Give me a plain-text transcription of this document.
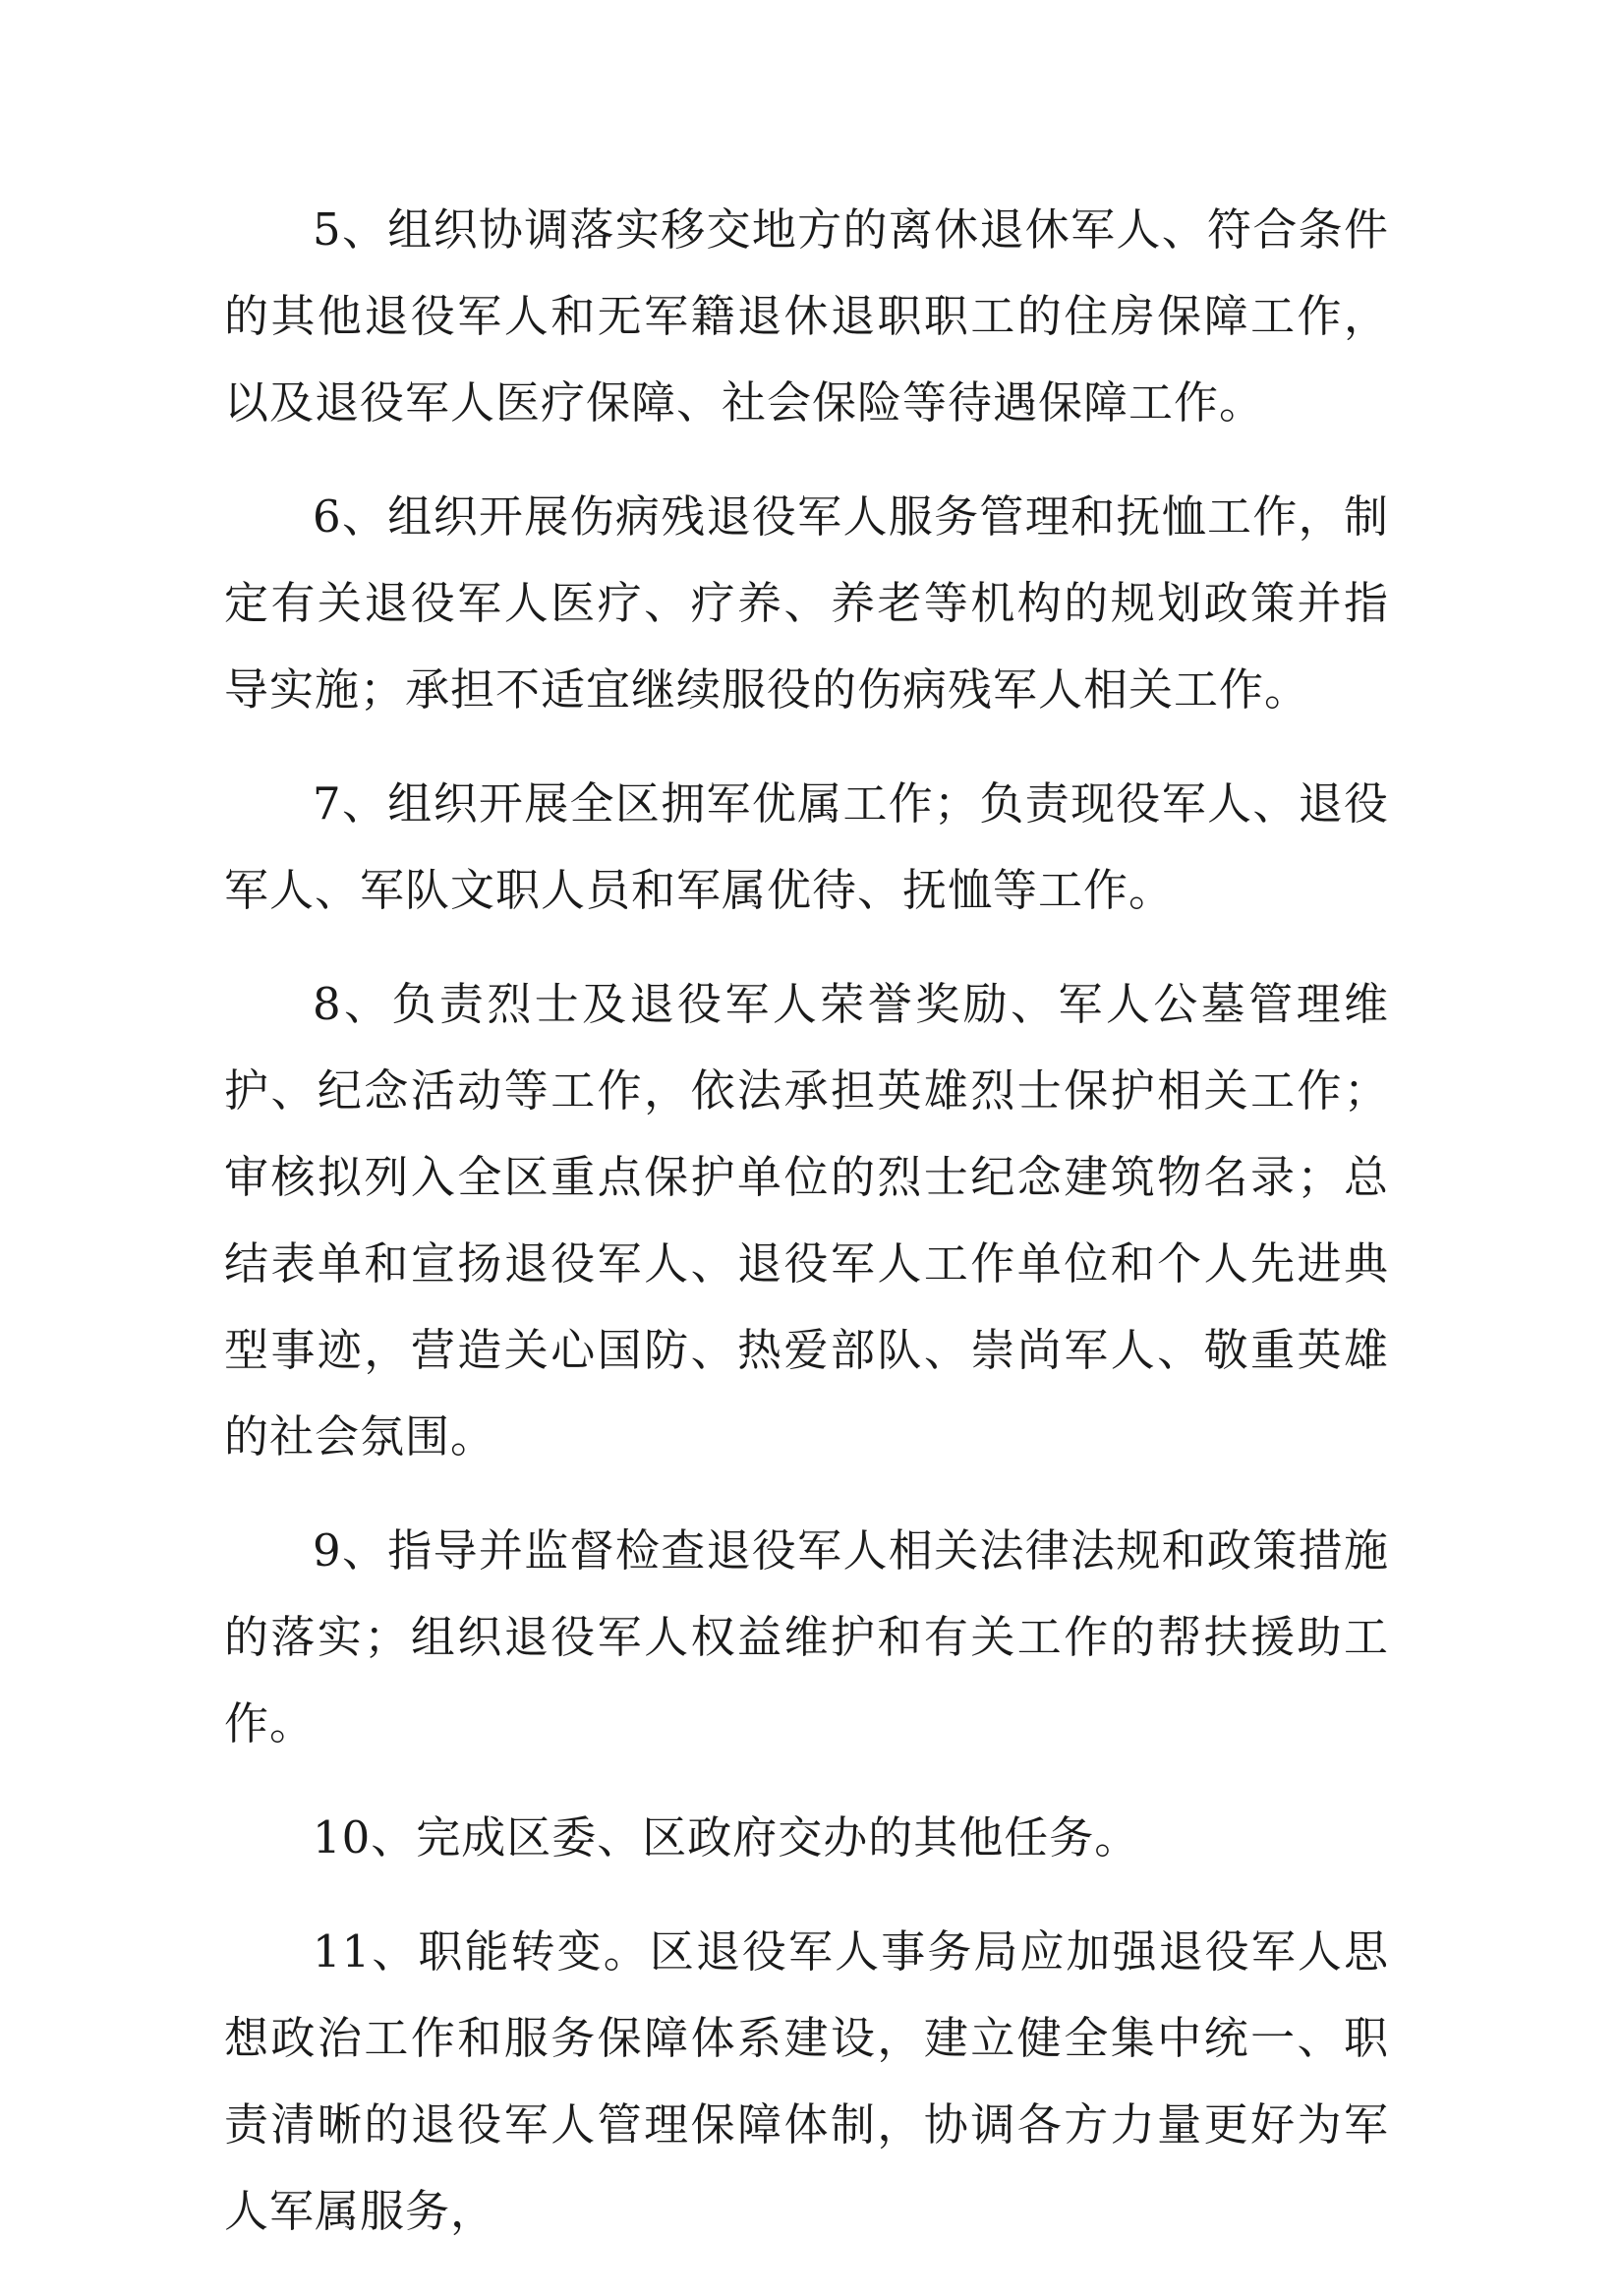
5、组织协调落实移交地方的离休退休军人、符合条件的其他退役军人和无军籍退休退职职工的住房保障工作，以及退役军人医疗保障、社会保险等待遇保障工作。

6、组织开展伤病残退役军人服务管理和抚恤工作，制定有关退役军人医疗、疗养、养老等机构的规划政策并指导实施；承担不适宜继续服役的伤病残军人相关工作。

7、组织开展全区拥军优属工作；负责现役军人、退役军人、军队文职人员和军属优待、抚恤等工作。

8、负责烈士及退役军人荣誉奖励、军人公墓管理维护、纪念活动等工作，依法承担英雄烈士保护相关工作；审核拟列入全区重点保护单位的烈士纪念建筑物名录；总结表单和宣扬退役军人、退役军人工作单位和个人先进典型事迹，营造关心国防、热爱部队、崇尚军人、敬重英雄的社会氛围。

9、指导并监督检查退役军人相关法律法规和政策措施的落实；组织退役军人权益维护和有关工作的帮扶援助工作。

10、完成区委、区政府交办的其他任务。

11、职能转变。区退役军人事务局应加强退役军人思想政治工作和服务保障体系建设，建立健全集中统一、职责清晰的退役军人管理保障体制，协调各方力量更好为军人军属服务，
